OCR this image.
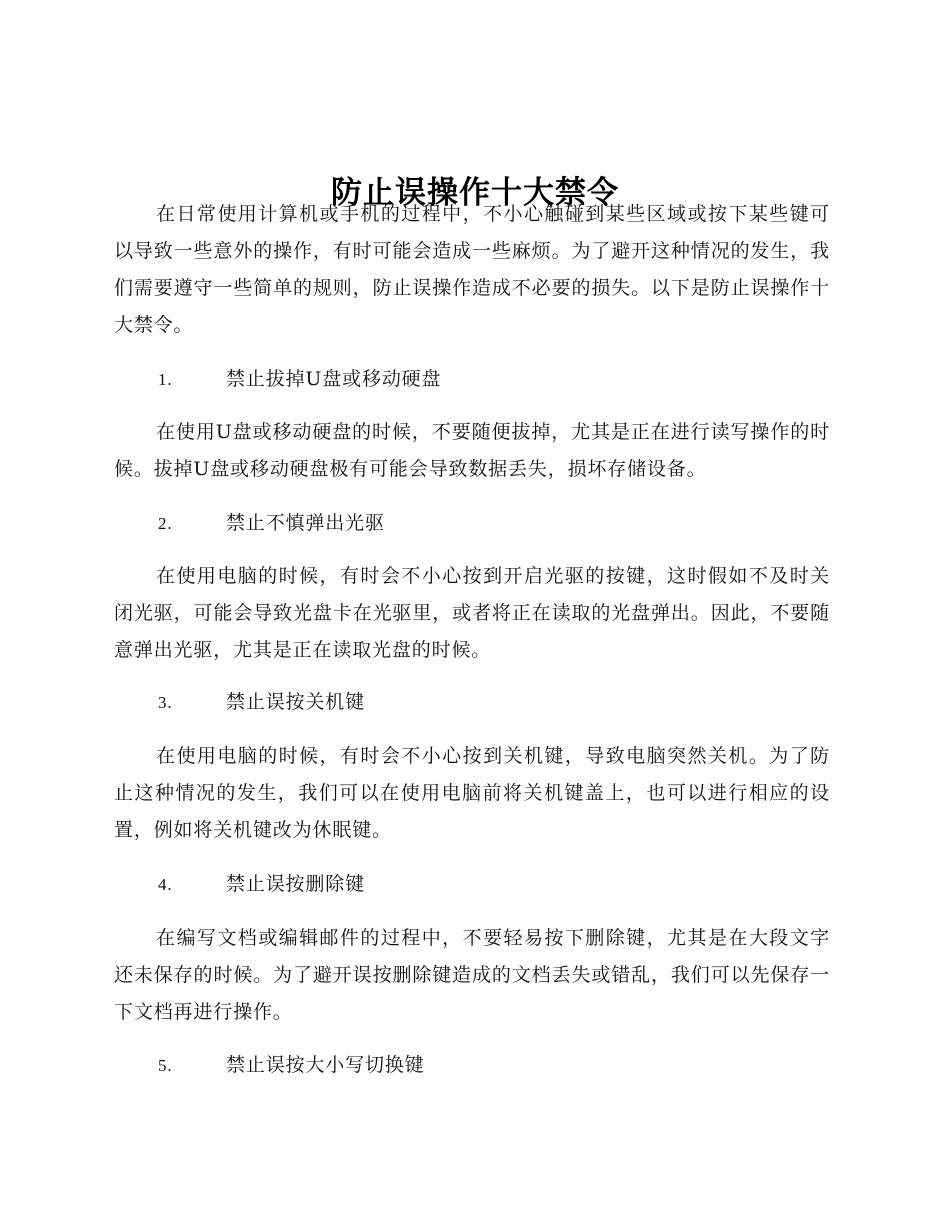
防止误操作十大禁令

在日常使用计算机或手机的过程中，不小心触碰到某些区域或按下某些键可以导致一些意外的操作，有时可能会造成一些麻烦。为了避开这种情况的发生，我们需要遵守一些简单的规则，防止误操作造成不必要的损失。以下是防止误操作十大禁令。

1.	禁止拔掉U盘或移动硬盘

在使用U盘或移动硬盘的时候，不要随便拔掉，尤其是正在进行读写操作的时候。拔掉U盘或移动硬盘极有可能会导致数据丢失，损坏存储设备。

2.	禁止不慎弹出光驱

在使用电脑的时候，有时会不小心按到开启光驱的按键，这时假如不及时关闭光驱，可能会导致光盘卡在光驱里，或者将正在读取的光盘弹出。因此，不要随意弹出光驱，尤其是正在读取光盘的时候。

3.	禁止误按关机键

在使用电脑的时候，有时会不小心按到关机键，导致电脑突然关机。为了防止这种情况的发生，我们可以在使用电脑前将关机键盖上，也可以进行相应的设置，例如将关机键改为休眠键。

4.	禁止误按删除键

在编写文档或编辑邮件的过程中，不要轻易按下删除键，尤其是在大段文字还未保存的时候。为了避开误按删除键造成的文档丢失或错乱，我们可以先保存一下文档再进行操作。

5.	禁止误按大小写切换键
